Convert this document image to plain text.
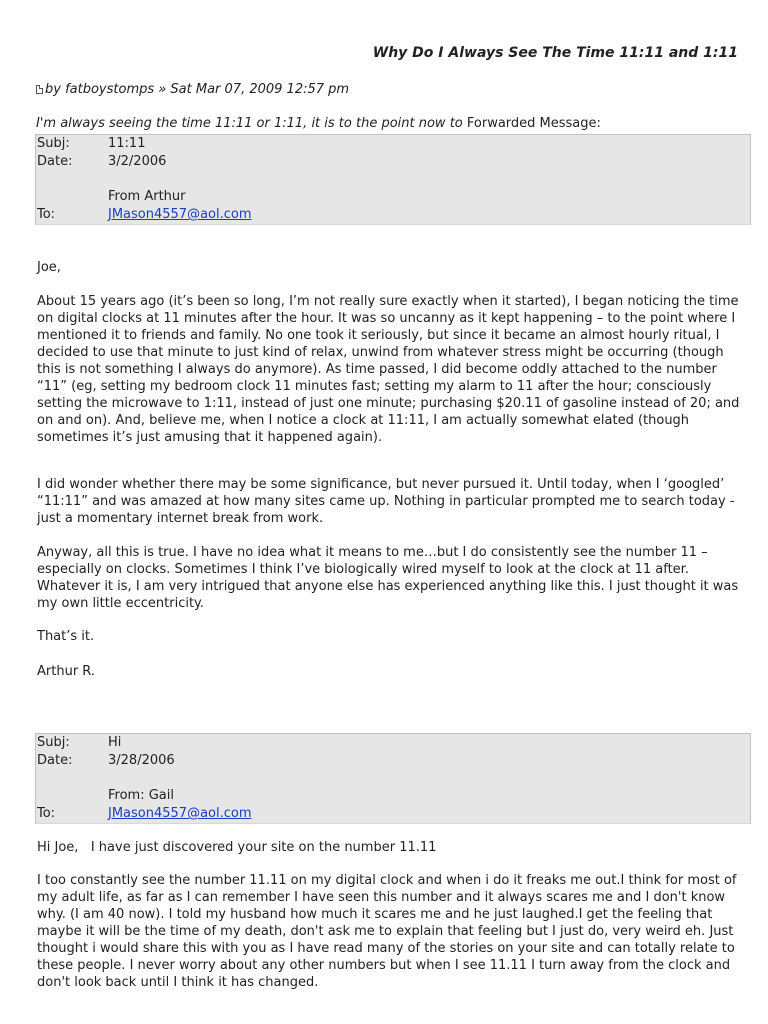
Why Do I Always See The Time 11:11 and 1:11
by fatboystomps » Sat Mar 07, 2009 12:57 pm
I'm always seeing the time 11:11 or 1:11, it is to the point now to Forwarded Message:
Subj:	11:11
Date:	3/2/2006
From Arthur
To:	JMason4557@aol.com
Joe,
About 15 years ago (it’s been so long, I’m not really sure exactly when it started), I began noticing the time on digital clocks at 11 minutes after the hour. It was so uncanny as it kept happening – to the point where I mentioned it to friends and family. No one took it seriously, but since it became an almost hourly ritual, I decided to use that minute to just kind of relax, unwind from whatever stress might be occurring (though this is not something I always do anymore). As time passed, I did become oddly attached to the number “11” (eg, setting my bedroom clock 11 minutes fast; setting my alarm to 11 after the hour; consciously setting the microwave to 1:11, instead of just one minute; purchasing $20.11 of gasoline instead of 20; and on and on). And, believe me, when I notice a clock at 11:11, I am actually somewhat elated (though sometimes it’s just amusing that it happened again).
I did wonder whether there may be some significance, but never pursued it. Until today, when I ‘googled’ “11:11” and was amazed at how many sites came up. Nothing in particular prompted me to search today - just a momentary internet break from work.
Anyway, all this is true. I have no idea what it means to me…but I do consistently see the number 11 – especially on clocks. Sometimes I think I’ve biologically wired myself to look at the clock at 11 after. Whatever it is, I am very intrigued that anyone else has experienced anything like this. I just thought it was my own little eccentricity.
That’s it.
Arthur R.
Subj:	Hi
Date:	3/28/2006
From: Gail
To:	JMason4557@aol.com
Hi Joe,   I have just discovered your site on the number 11.11
I too constantly see the number 11.11 on my digital clock and when i do it freaks me out.I think for most of my adult life, as far as I can remember I have seen this number and it always scares me and I don't know why. (I am 40 now). I told my husband how much it scares me and he just laughed.I get the feeling that maybe it will be the time of my death, don't ask me to explain that feeling but I just do, very weird eh. Just thought i would share this with you as I have read many of the stories on your site and can totally relate to these people. I never worry about any other numbers but when I see 11.11 I turn away from the clock and don't look back until I think it has changed.
